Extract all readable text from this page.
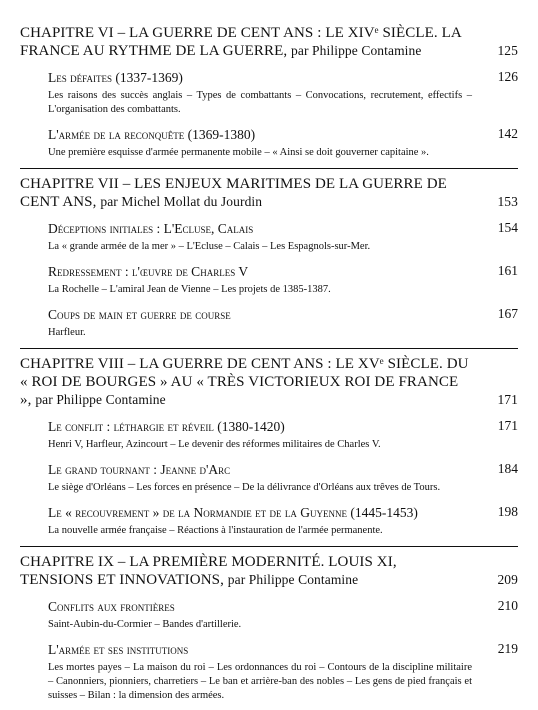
CHAPITRE VI – LA GUERRE DE CENT ANS : LE XIVᵉ SIÈCLE. LA FRANCE AU RYTHME DE LA GUERRE, par Philippe Contamine	125
Les défaites (1337-1369)	126
Les raisons des succès anglais – Types de combattants – Convocations, recrutement, effectifs – L'organisation des combattants.
L'armée de la reconquête (1369-1380)	142
Une première esquisse d'armée permanente mobile – « Ainsi se doit gouverner capitaine ».
CHAPITRE VII – LES ENJEUX MARITIMES DE LA GUERRE DE CENT ANS, par Michel Mollat du Jourdin	153
Déceptions initiales : L'Ecluse, Calais	154
La « grande armée de la mer » – L'Ecluse – Calais – Les Espagnols-sur-Mer.
Redressement : l'œuvre de Charles V	161
La Rochelle – L'amiral Jean de Vienne – Les projets de 1385-1387.
Coups de main et guerre de course	167
Harfleur.
CHAPITRE VIII – LA GUERRE DE CENT ANS : LE XVᵉ SIÈCLE. DU « ROI DE BOURGES » AU « TRÈS VICTORIEUX ROI DE FRANCE », par Philippe Contamine	171
Le conflit : léthargie et réveil (1380-1420)	171
Henri V, Harfleur, Azincourt – Le devenir des réformes militaires de Charles V.
Le grand tournant : Jeanne d'Arc	184
Le siège d'Orléans – Les forces en présence – De la délivrance d'Orléans aux trêves de Tours.
Le « recouvrement » de la Normandie et de la Guyenne (1445-1453)	198
La nouvelle armée française – Réactions à l'instauration de l'armée permanente.
CHAPITRE IX – LA PREMIÈRE MODERNITÉ. LOUIS XI, TENSIONS ET INNOVATIONS, par Philippe Contamine	209
Conflits aux frontières	210
Saint-Aubin-du-Cormier – Bandes d'artillerie.
L'armée et ses institutions	219
Les mortes payes – La maison du roi – Les ordonnances du roi – Contours de la discipline militaire – Canonniers, pionniers, charretiers – Le ban et arrière-ban des nobles – Les gens de pied français et suisses – Bilan : la dimension des armées.
